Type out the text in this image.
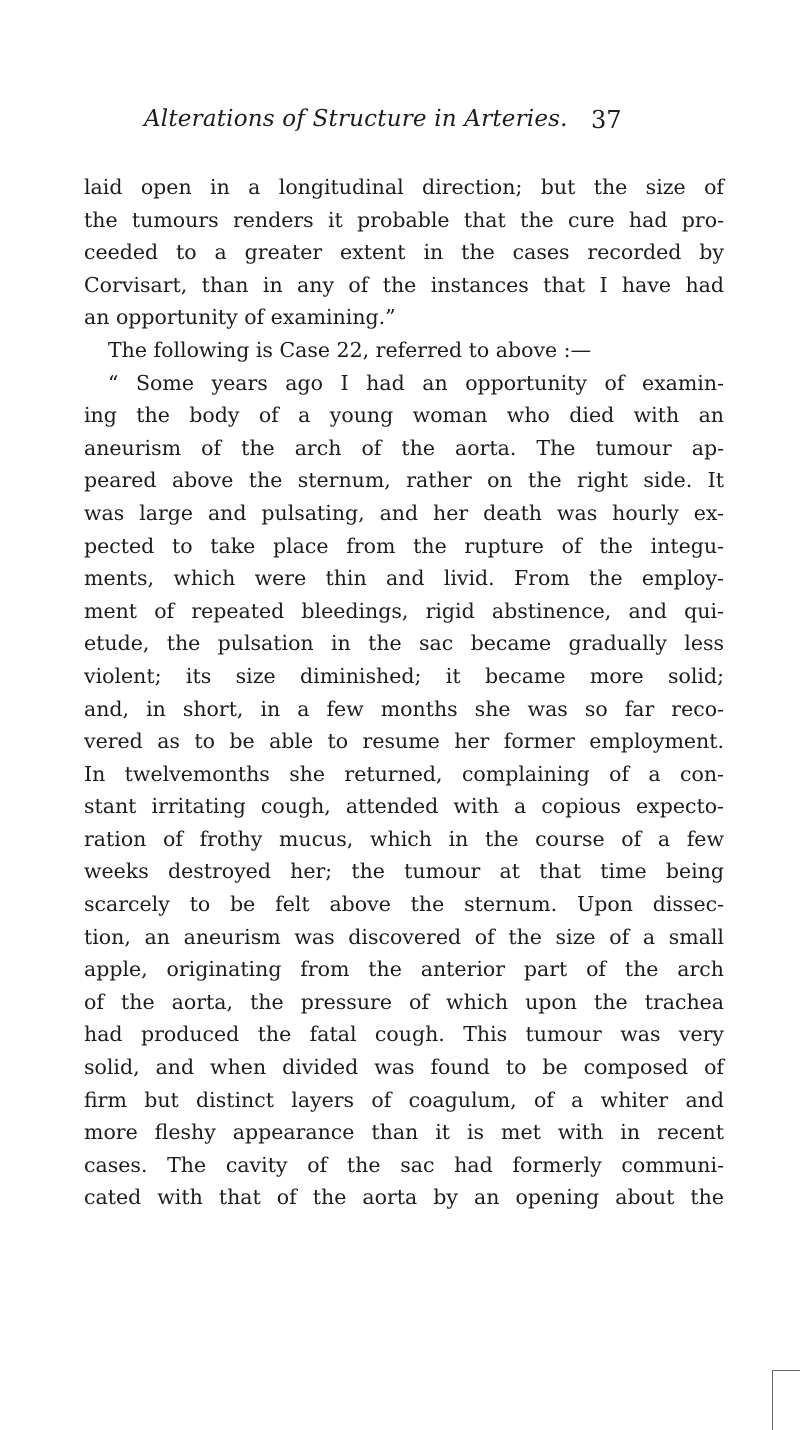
Alterations of Structure in Arteries. 37
laid open in a longitudinal direction; but the size of
the tumours renders it probable that the cure had pro-
ceeded to a greater extent in the cases recorded by
Corvisart, than in any of the instances that I have had
an opportunity of examining.”
The following is Case 22, referred to above :—
“ Some years ago I had an opportunity of examin-
ing the body of a young woman who died with an
aneurism of the arch of the aorta. The tumour ap-
peared above the sternum, rather on the right side. It
was large and pulsating, and her death was hourly ex-
pected to take place from the rupture of the integu-
ments, which were thin and livid. From the employ-
ment of repeated bleedings, rigid abstinence, and qui-
etude, the pulsation in the sac became gradually less
violent; its size diminished; it became more solid;
and, in short, in a few months she was so far reco-
vered as to be able to resume her former employment.
In twelvemonths she returned, complaining of a con-
stant irritating cough, attended with a copious expecto-
ration of frothy mucus, which in the course of a few
weeks destroyed her; the tumour at that time being
scarcely to be felt above the sternum. Upon dissec-
tion, an aneurism was discovered of the size of a small
apple, originating from the anterior part of the arch
of the aorta, the pressure of which upon the trachea
had produced the fatal cough. This tumour was very
solid, and when divided was found to be composed of
firm but distinct layers of coagulum, of a whiter and
more fleshy appearance than it is met with in recent
cases. The cavity of the sac had formerly communi-
cated with that of the aorta by an opening about the
